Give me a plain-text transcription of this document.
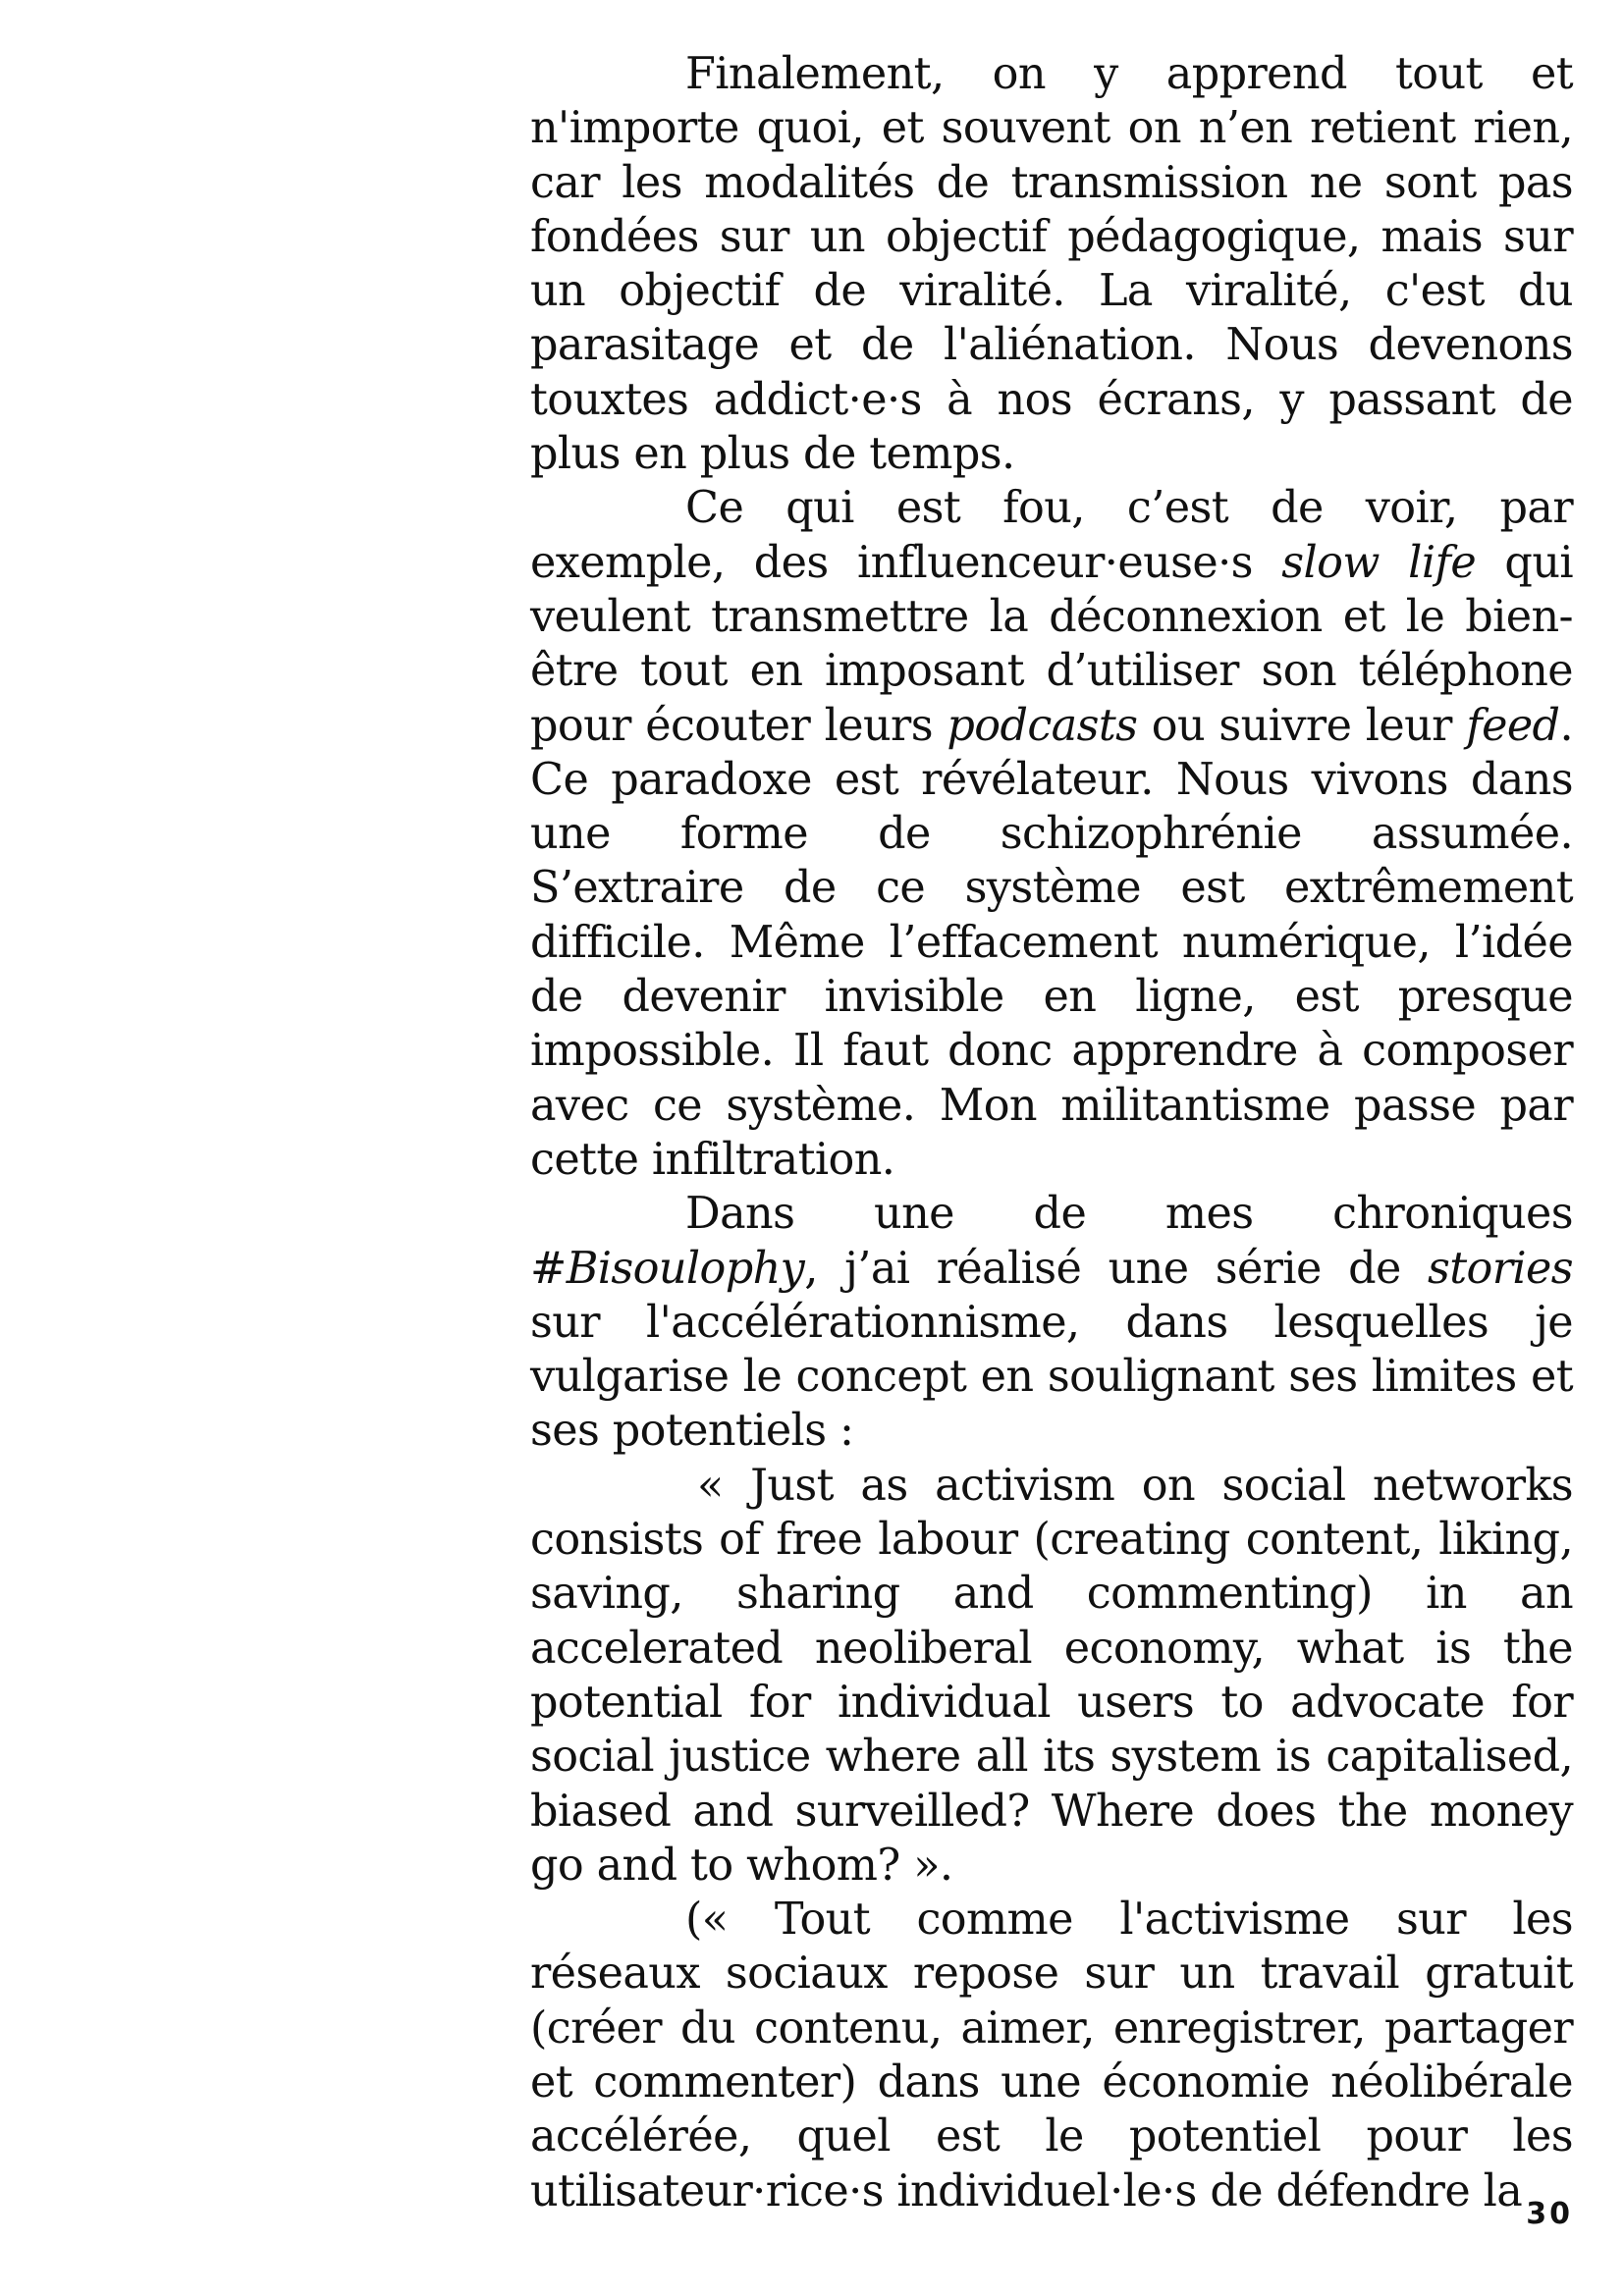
Finalement, on y apprend tout et n'importe quoi, et souvent on n’en retient rien, car les modalités de transmission ne sont pas fondées sur un objectif pédagogique, mais sur un objectif de viralité. La viralité, c'est du parasitage et de l'aliénation. Nous devenons touxtes addict·e·s à nos écrans, y passant de plus en plus de temps.

Ce qui est fou, c’est de voir, par exemple, des influenceur·euse·s slow life qui veulent transmettre la déconnexion et le bien-être tout en imposant d’utiliser son téléphone pour écouter leurs podcasts ou suivre leur feed. Ce paradoxe est révélateur. Nous vivons dans une forme de schizophrénie assumée. S’extraire de ce système est extrêmement difficile. Même l’effacement numérique, l’idée de devenir invisible en ligne, est presque impossible. Il faut donc apprendre à composer avec ce système. Mon militantisme passe par cette infiltration.

Dans une de mes chroniques #Bisoulophy, j’ai réalisé une série de stories sur l'accélérationnisme, dans lesquelles je vulgarise le concept en soulignant ses limites et ses potentiels :

« Just as activism on social networks consists of free labour (creating content, liking, saving, sharing and commenting) in an accelerated neoliberal economy, what is the potential for individual users to advocate for social justice where all its system is capitalised, biased and surveilled? Where does the money go and to whom? ».

(« Tout comme l'activisme sur les réseaux sociaux repose sur un travail gratuit (créer du contenu, aimer, enregistrer, partager et commenter) dans une économie néolibérale accélérée, quel est le potentiel pour les utilisateur·rice·s individuel·le·s de défendre la 30
